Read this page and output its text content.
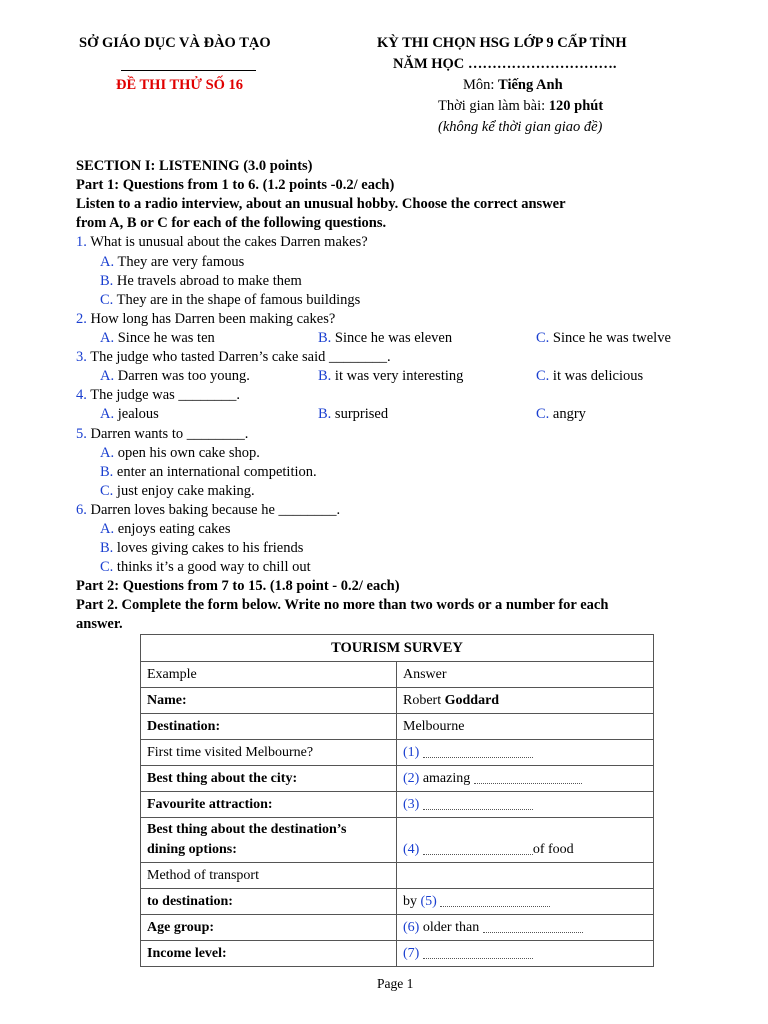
SỞ GIÁO DỤC VÀ ĐÀO TẠO
ĐỀ THI THỬ SỐ 16
KỲ THI CHỌN HSG LỚP 9 CẤP TỈNH
NĂM HỌC ………………………….
Môn: Tiếng Anh
Thời gian làm bài: 120 phút
(không kể thời gian giao đề)
SECTION I: LISTENING (3.0 points)
Part 1: Questions from 1 to 6. (1.2 points -0.2/ each)
Listen to a radio interview, about an unusual hobby. Choose the correct answer
from A, B or C for each of the following questions.
1. What is unusual about the cakes Darren makes?
A. They are very famous
B. He travels abroad to make them
C. They are in the shape of famous buildings
2. How long has Darren been making cakes?
A. Since he was ten	B. Since he was eleven	C. Since he was twelve
3. The judge who tasted Darren’s cake said ________.
A. Darren was too young.	B. it was very interesting	C. it was delicious
4. The judge was ________.
A. jealous	B. surprised	C. angry
5. Darren wants to ________.
A. open his own cake shop.
B. enter an international competition.
C. just enjoy cake making.
6. Darren loves baking because he ________.
A. enjoys eating cakes
B. loves giving cakes to his friends
C. thinks it’s a good way to chill out
Part 2: Questions from 7 to 15. (1.8 point - 0.2/ each)
Part 2. Complete the form below. Write no more than two words or a number for each
answer.
TOURISM SURVEY	
Example	Answer
Name:	Robert Goddard
Destination:	Melbourne
First time visited Melbourne?	(1)
Best thing about the city:	(2) amazing
Favourite attraction:	(3)
Best thing about the destination’s
dining options:	(4) of food
Method of transport	
to destination:	by (5)
Age group:	(6) older than
Income level:	(7)
Page 1
